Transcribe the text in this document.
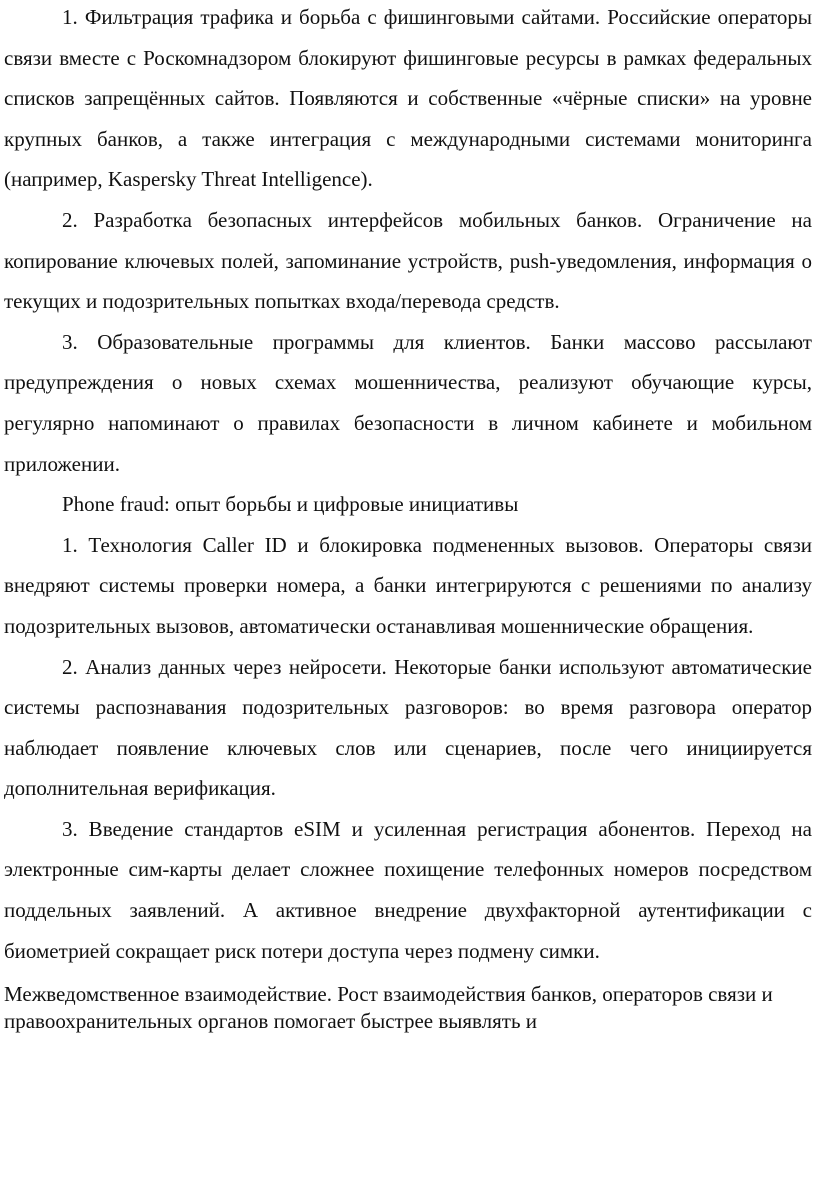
1. Фильтрация трафика и борьба с фишинговыми сайтами. Российские операторы связи вместе с Роскомнадзором блокируют фишинговые ресурсы в рамках федеральных списков запрещённых сайтов. Появляются и собственные «чёрные списки» на уровне крупных банков, а также интеграция с международными системами мониторинга (например, Kaspersky Threat Intelligence).

2. Разработка безопасных интерфейсов мобильных банков. Ограничение на копирование ключевых полей, запоминание устройств, push-уведомления, информация о текущих и подозрительных попытках входа/перевода средств.

3. Образовательные программы для клиентов. Банки массово рассылают предупреждения о новых схемах мошенничества, реализуют обучающие курсы, регулярно напоминают о правилах безопасности в личном кабинете и мобильном приложении.

Phone fraud: опыт борьбы и цифровые инициативы

1. Технология Caller ID и блокировка подмененных вызовов. Операторы связи внедряют системы проверки номера, а банки интегрируются с решениями по анализу подозрительных вызовов, автоматически останавливая мошеннические обращения.

2. Анализ данных через нейросети. Некоторые банки используют автоматические системы распознавания подозрительных разговоров: во время разговора оператор наблюдает появление ключевых слов или сценариев, после чего инициируется дополнительная верификация.

3. Введение стандартов eSIM и усиленная регистрация абонентов. Переход на электронные сим-карты делает сложнее похищение телефонных номеров посредством поддельных заявлений. А активное внедрение двухфакторной аутентификации с биометрией сокращает риск потери доступа через подмену симки.

Межведомственное взаимодействие. Рост взаимодействия банков, операторов связи и правоохранительных органов помогает быстрее выявлять и
